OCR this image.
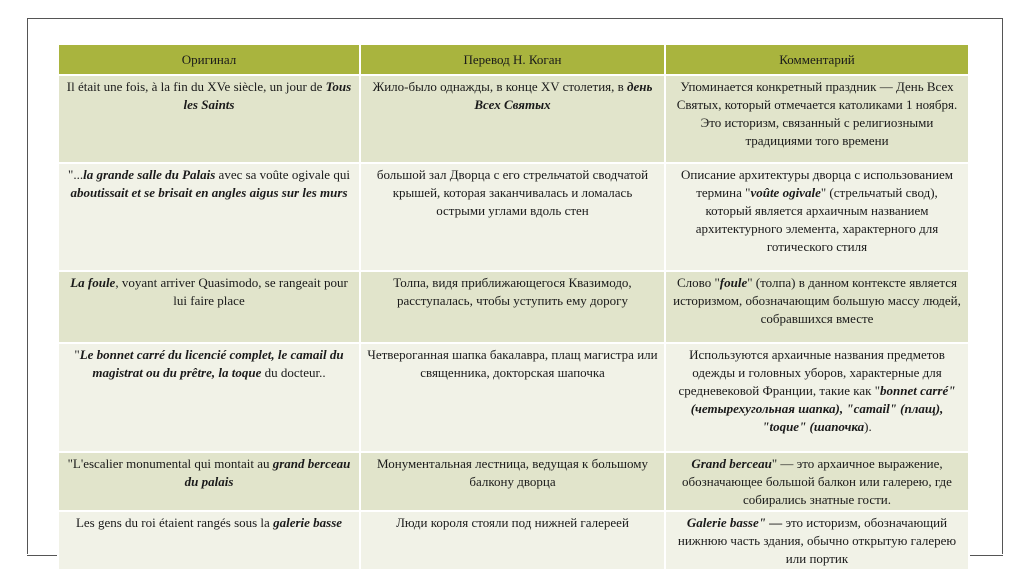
Оригинал	Перевод Н. Коган	Комментарий
Il était une fois, à la fin du XVe siècle, un jour de Tous les Saints	Жило-было однажды, в конце XV столетия, в день Всех Святых	Упоминается конкретный праздник — День Всех Святых, который отмечается католиками 1 ноября. Это историзм, связанный с религиозными традициями того времени
"...la grande salle du Palais avec sa voûte ogivale qui aboutissait et se brisait en angles aigus sur les murs	большой зал Дворца с его стрельчатой сводчатой крышей, которая заканчивалась и ломалась острыми углами вдоль стен	Описание архитектуры дворца с использованием термина "voûte ogivale" (стрельчатый свод), который является архаичным названием архитектурного элемента, характерного для готического стиля
La foule, voyant arriver Quasimodo, se rangeait pour lui faire place	Толпа, видя приближающегося Квазимодо, расступалась, чтобы уступить ему дорогу	Слово "foule" (толпа) в данном контексте является историзмом, обозначающим большую массу людей, собравшихся вместе
"Le bonnet carré du licencié complet, le camail du magistrat ou du prêtre, la toque du docteur..	Четвероганная шапка бакалавра, плащ магистра или священника, докторская шапочка	Используются архаичные названия предметов одежды и головных уборов, характерные для средневековой Франции, такие как "bonnet carré" (четырехугольная шапка), "camail" (плащ), "toque" (шапочка).
"L'escalier monumental qui montait au grand berceau du palais	Монументальная лестница, ведущая к большому балкону дворца	Grand berceau" — это архаичное выражение, обозначающее большой балкон или галерею, где собирались знатные гости.
Les gens du roi étaient rangés sous la galerie basse	Люди короля стояли под нижней галереей	Galerie basse" — это историзм, обозначающий нижнюю часть здания, обычно открытую галерею или портик
